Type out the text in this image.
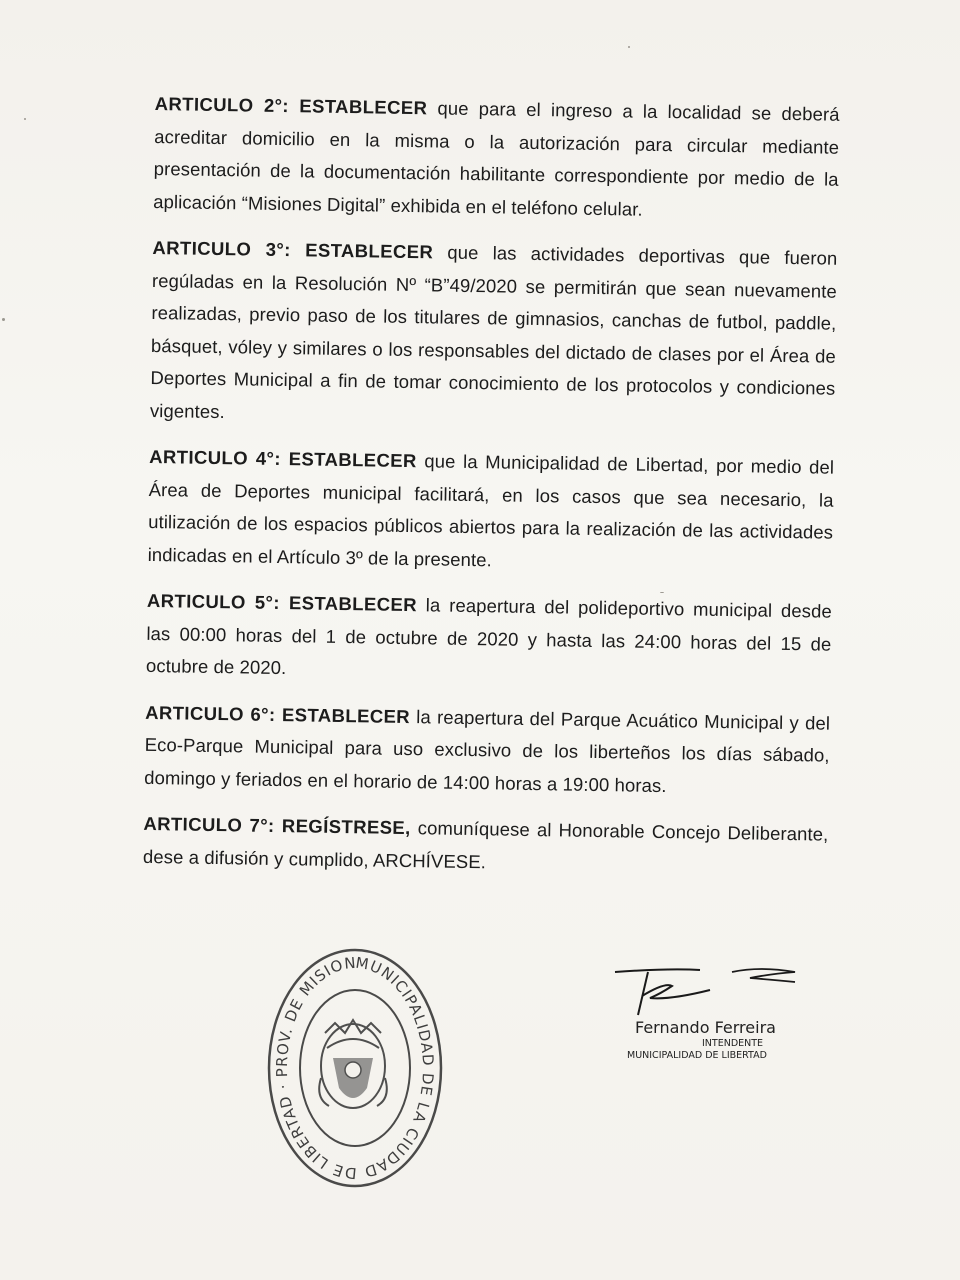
ARTICULO 2°: ESTABLECER que para el ingreso a la localidad se deberá acreditar domicilio en la misma o la autorización para circular mediante presentación de la documentación habilitante correspondiente por medio de la aplicación “Misiones Digital” exhibida en el teléfono celular.

ARTICULO 3°: ESTABLECER que las actividades deportivas que fueron regúladas en la Resolución Nº “B”49/2020 se permitirán que sean nuevamente realizadas, previo paso de los titulares de gimnasios, canchas de futbol, paddle, básquet, vóley y similares o los responsables del dictado de clases por el Área de Deportes Municipal a fin de tomar conocimiento de los protocolos y condiciones vigentes.

ARTICULO 4°: ESTABLECER que la Municipalidad de Libertad, por medio del Área de Deportes municipal facilitará, en los casos que sea necesario, la utilización de los espacios públicos abiertos para la realización de las actividades indicadas en el Artículo 3º de la presente.

ARTICULO 5°: ESTABLECER la reapertura del polideportivo municipal desde las 00:00 horas del 1 de octubre de 2020 y hasta las 24:00 horas del 15 de octubre de 2020.

ARTICULO 6°: ESTABLECER la reapertura del Parque Acuático Municipal y del Eco-Parque Municipal para uso exclusivo de los liberteños los días sábado, domingo y feriados en el horario de 14:00 horas a 19:00 horas.

ARTICULO 7°: REGÍSTRESE, comuníquese al Honorable Concejo Deliberante, dese a difusión y cumplido, ARCHÍVESE.

MUNICIPALIDAD DE LA CIUDAD DE LIBERTAD · PROV. DE MISION
Fernando Ferreira
INTENDENTE
MUNICIPALIDAD DE LIBERTAD
